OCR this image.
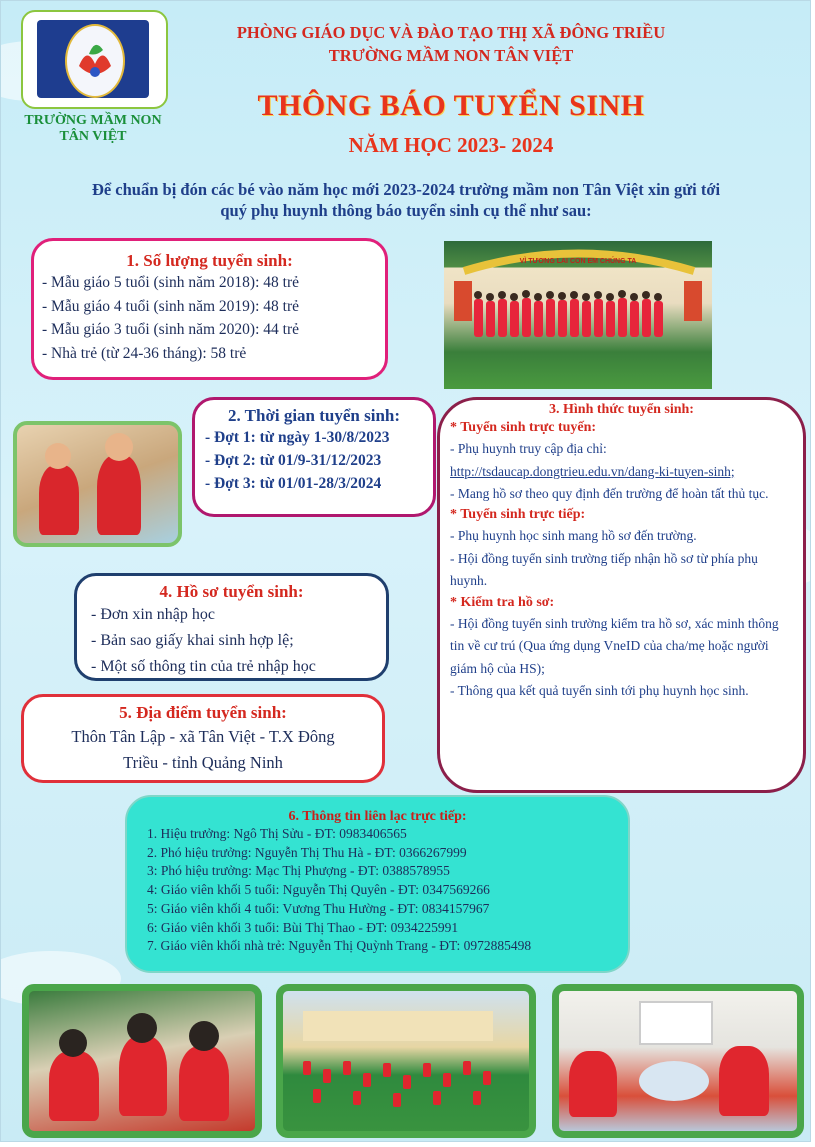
TRƯỜNG MẦM NON
TÂN VIỆT
PHÒNG GIÁO DỤC VÀ ĐÀO TẠO THỊ XÃ ĐÔNG TRIỀU
TRƯỜNG MẦM NON TÂN VIỆT
THÔNG BÁO TUYỂN SINH
NĂM HỌC 2023- 2024
Để chuẩn bị đón các bé vào năm học mới 2023-2024 trường mầm non Tân Việt xin gửi tới
quý phụ huynh thông báo tuyển sinh cụ thể như sau:
1. Số lượng tuyển sinh:
- Mẫu giáo 5 tuổi (sinh năm 2018): 48 trẻ
- Mẫu giáo 4 tuổi (sinh năm 2019): 48 trẻ
- Mẫu giáo 3 tuổi (sinh năm 2020): 44 trẻ
- Nhà trẻ (từ 24-36 tháng): 58 trẻ
VÌ TƯƠNG LAI CON EM CHÚNG TA
2. Thời gian tuyển sinh:
- Đợt 1: từ ngày 1-30/8/2023
- Đợt 2: từ 01/9-31/12/2023
- Đợt 3: từ 01/01-28/3/2024
3. Hình thức tuyển sinh:
* Tuyển sinh trực tuyến:
- Phụ huynh truy cập địa chỉ:
http://tsdaucap.dongtrieu.edu.vn/dang-ki-tuyen-sinh;
- Mang hồ sơ theo quy định đến trường để hoàn tất thủ tục.
* Tuyển sinh trực tiếp:
- Phụ huynh học sinh mang hồ sơ đến trường.
- Hội đồng tuyển sinh trường tiếp nhận hồ sơ từ phía phụ huynh.
* Kiểm tra hồ sơ:
- Hội đồng tuyển sinh trường kiểm tra hồ sơ, xác minh thông tin về cư trú (Qua ứng dụng VneID của cha/mẹ hoặc người giám hộ của HS);
- Thông qua kết quả tuyển sinh tới phụ huynh học sinh.
4. Hồ sơ tuyển sinh:
- Đơn xin nhập học
- Bản sao giấy khai sinh hợp lệ;
- Một số thông tin của trẻ nhập học
5. Địa điểm tuyển sinh:
Thôn Tân Lập - xã Tân Việt - T.X Đông
Triều - tỉnh Quảng Ninh
6. Thông tin liên lạc trực tiếp:
1. Hiệu trưởng: Ngô Thị Sửu - ĐT: 0983406565
2. Phó hiệu trưởng: Nguyễn Thị Thu Hà - ĐT: 0366267999
3: Phó hiệu trưởng: Mạc Thị Phượng - ĐT: 0388578955
4: Giáo viên khối 5 tuổi: Nguyễn Thị Quyên - ĐT: 0347569266
5: Giáo viên khối 4 tuổi: Vương Thu Hường - ĐT: 0834157967
6: Giáo viên khối 3 tuổi: Bùi Thị Thao - ĐT: 0934225991
7. Giáo viên khối nhà trẻ: Nguyễn Thị Quỳnh Trang - ĐT: 0972885498
